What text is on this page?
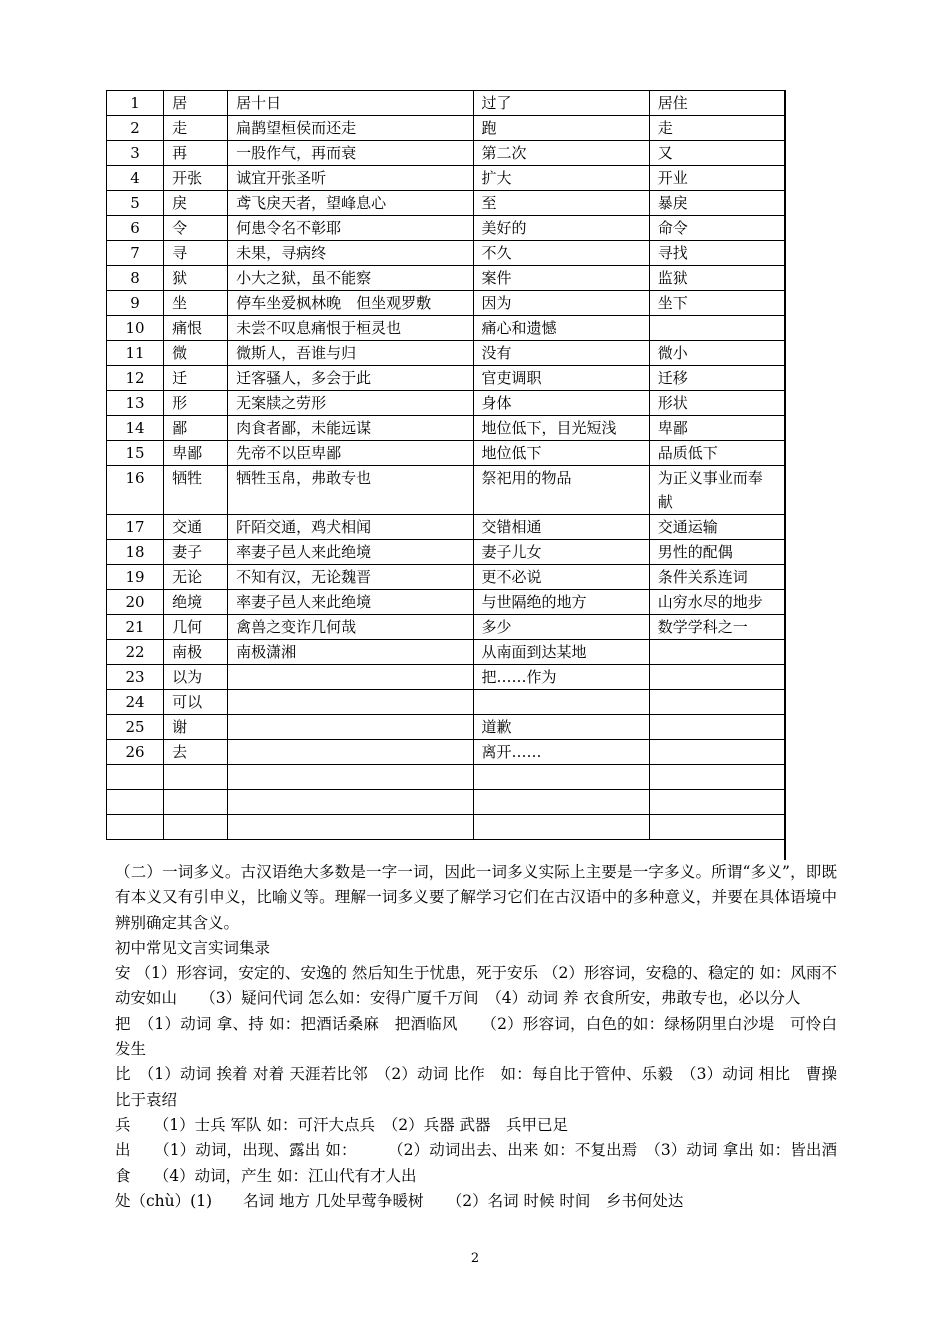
1	居	居十日	过了	居住
2	走	扁鹊望桓侯而还走	跑	走
3	再	一股作气，再而衰	第二次	又
4	开张	诚宜开张圣听	扩大	开业
5	戾	鸢飞戾天者，望峰息心	至	暴戾
6	令	何患令名不彰耶	美好的	命令
7	寻	未果，寻病终	不久	寻找
8	狱	小大之狱，虽不能察	案件	监狱
9	坐	停车坐爱枫林晚　但坐观罗敷	因为	坐下
10	痛恨	未尝不叹息痛恨于桓灵也	痛心和遗憾	
11	微	微斯人，吾谁与归	没有	微小
12	迁	迁客骚人，多会于此	官吏调职	迁移
13	形	无案牍之劳形	身体	形状
14	鄙	肉食者鄙，未能远谋	地位低下，目光短浅	卑鄙
15	卑鄙	先帝不以臣卑鄙	地位低下	品质低下
16	牺牲	牺牲玉帛，弗敢专也	祭祀用的物品	为正义事业而奉献
17	交通	阡陌交通，鸡犬相闻	交错相通	交通运输
18	妻子	率妻子邑人来此绝境	妻子儿女	男性的配偶
19	无论	不知有汉，无论魏晋	更不必说	条件关系连词
20	绝境	率妻子邑人来此绝境	与世隔绝的地方	山穷水尽的地步
21	几何	禽兽之变诈几何哉	多少	数学学科之一
22	南极	南极潇湘	从南面到达某地	
23	以为		把……作为	
24	可以			
25	谢		道歉	
26	去		离开……	

（二）一词多义。古汉语绝大多数是一字一词，因此一词多义实际上主要是一字多义。所谓“多义”，即既有本义又有引申义，比喻义等。理解一词多义要了解学习它们在古汉语中的多种意义，并要在具体语境中辨别确定其含义。

初中常见文言实词集录

安 （1）形容词，安定的、安逸的 然后知生于忧患，死于安乐 （2）形容词，安稳的、稳定的 如：风雨不动安如山　　（3）疑问代词 怎么如：安得广厦千万间　（4）动词 养 衣食所安，弗敢专也，必以分人

把　（1）动词 拿、持 如：把酒话桑麻　把酒临风　　（2）形容词，白色的如：绿杨阴里白沙堤　可怜白发生

比　（1）动词 挨着 对着 天涯若比邻　（2）动词 比作　如：每自比于管仲、乐毅　（3）动词 相比　曹操比于袁绍

兵　　（1）士兵 军队 如：可汗大点兵　（2）兵器 武器　兵甲已足

出　　（1）动词，出现、露出 如：　　　（2）动词出去、出来 如：不复出焉　（3）动词 拿出 如：皆出酒食　　（4）动词，产生 如：江山代有才人出

处（chù）(1)　　名词 地方 几处早莺争暖树　　（2）名词 时候 时间　乡书何处达

2
